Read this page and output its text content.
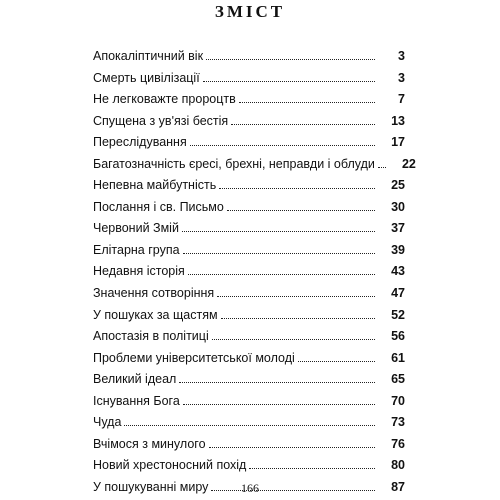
ЗМІСТ
Апокаліптичний вік	3
Смерть цивілізації	3
Не легковажте пророцтв	7
Спущена з ув'язі бестія	13
Переслідування	17
Багатозначність єресі, брехні, неправди і облуди	22
Непевна майбутність	25
Послання і св. Письмо	30
Червоний Змій	37
Елітарна група	39
Недавня історія	43
Значення сотворіння	47
У пошуках за щастям	52
Апостазія в політиці	56
Проблеми університетської молоді	61
Великий ідеал	65
Існування Бога	70
Чуда	73
Вчімося з минулого	76
Новий хрестоносний похід	80
У пошукуванні миру	87
166
